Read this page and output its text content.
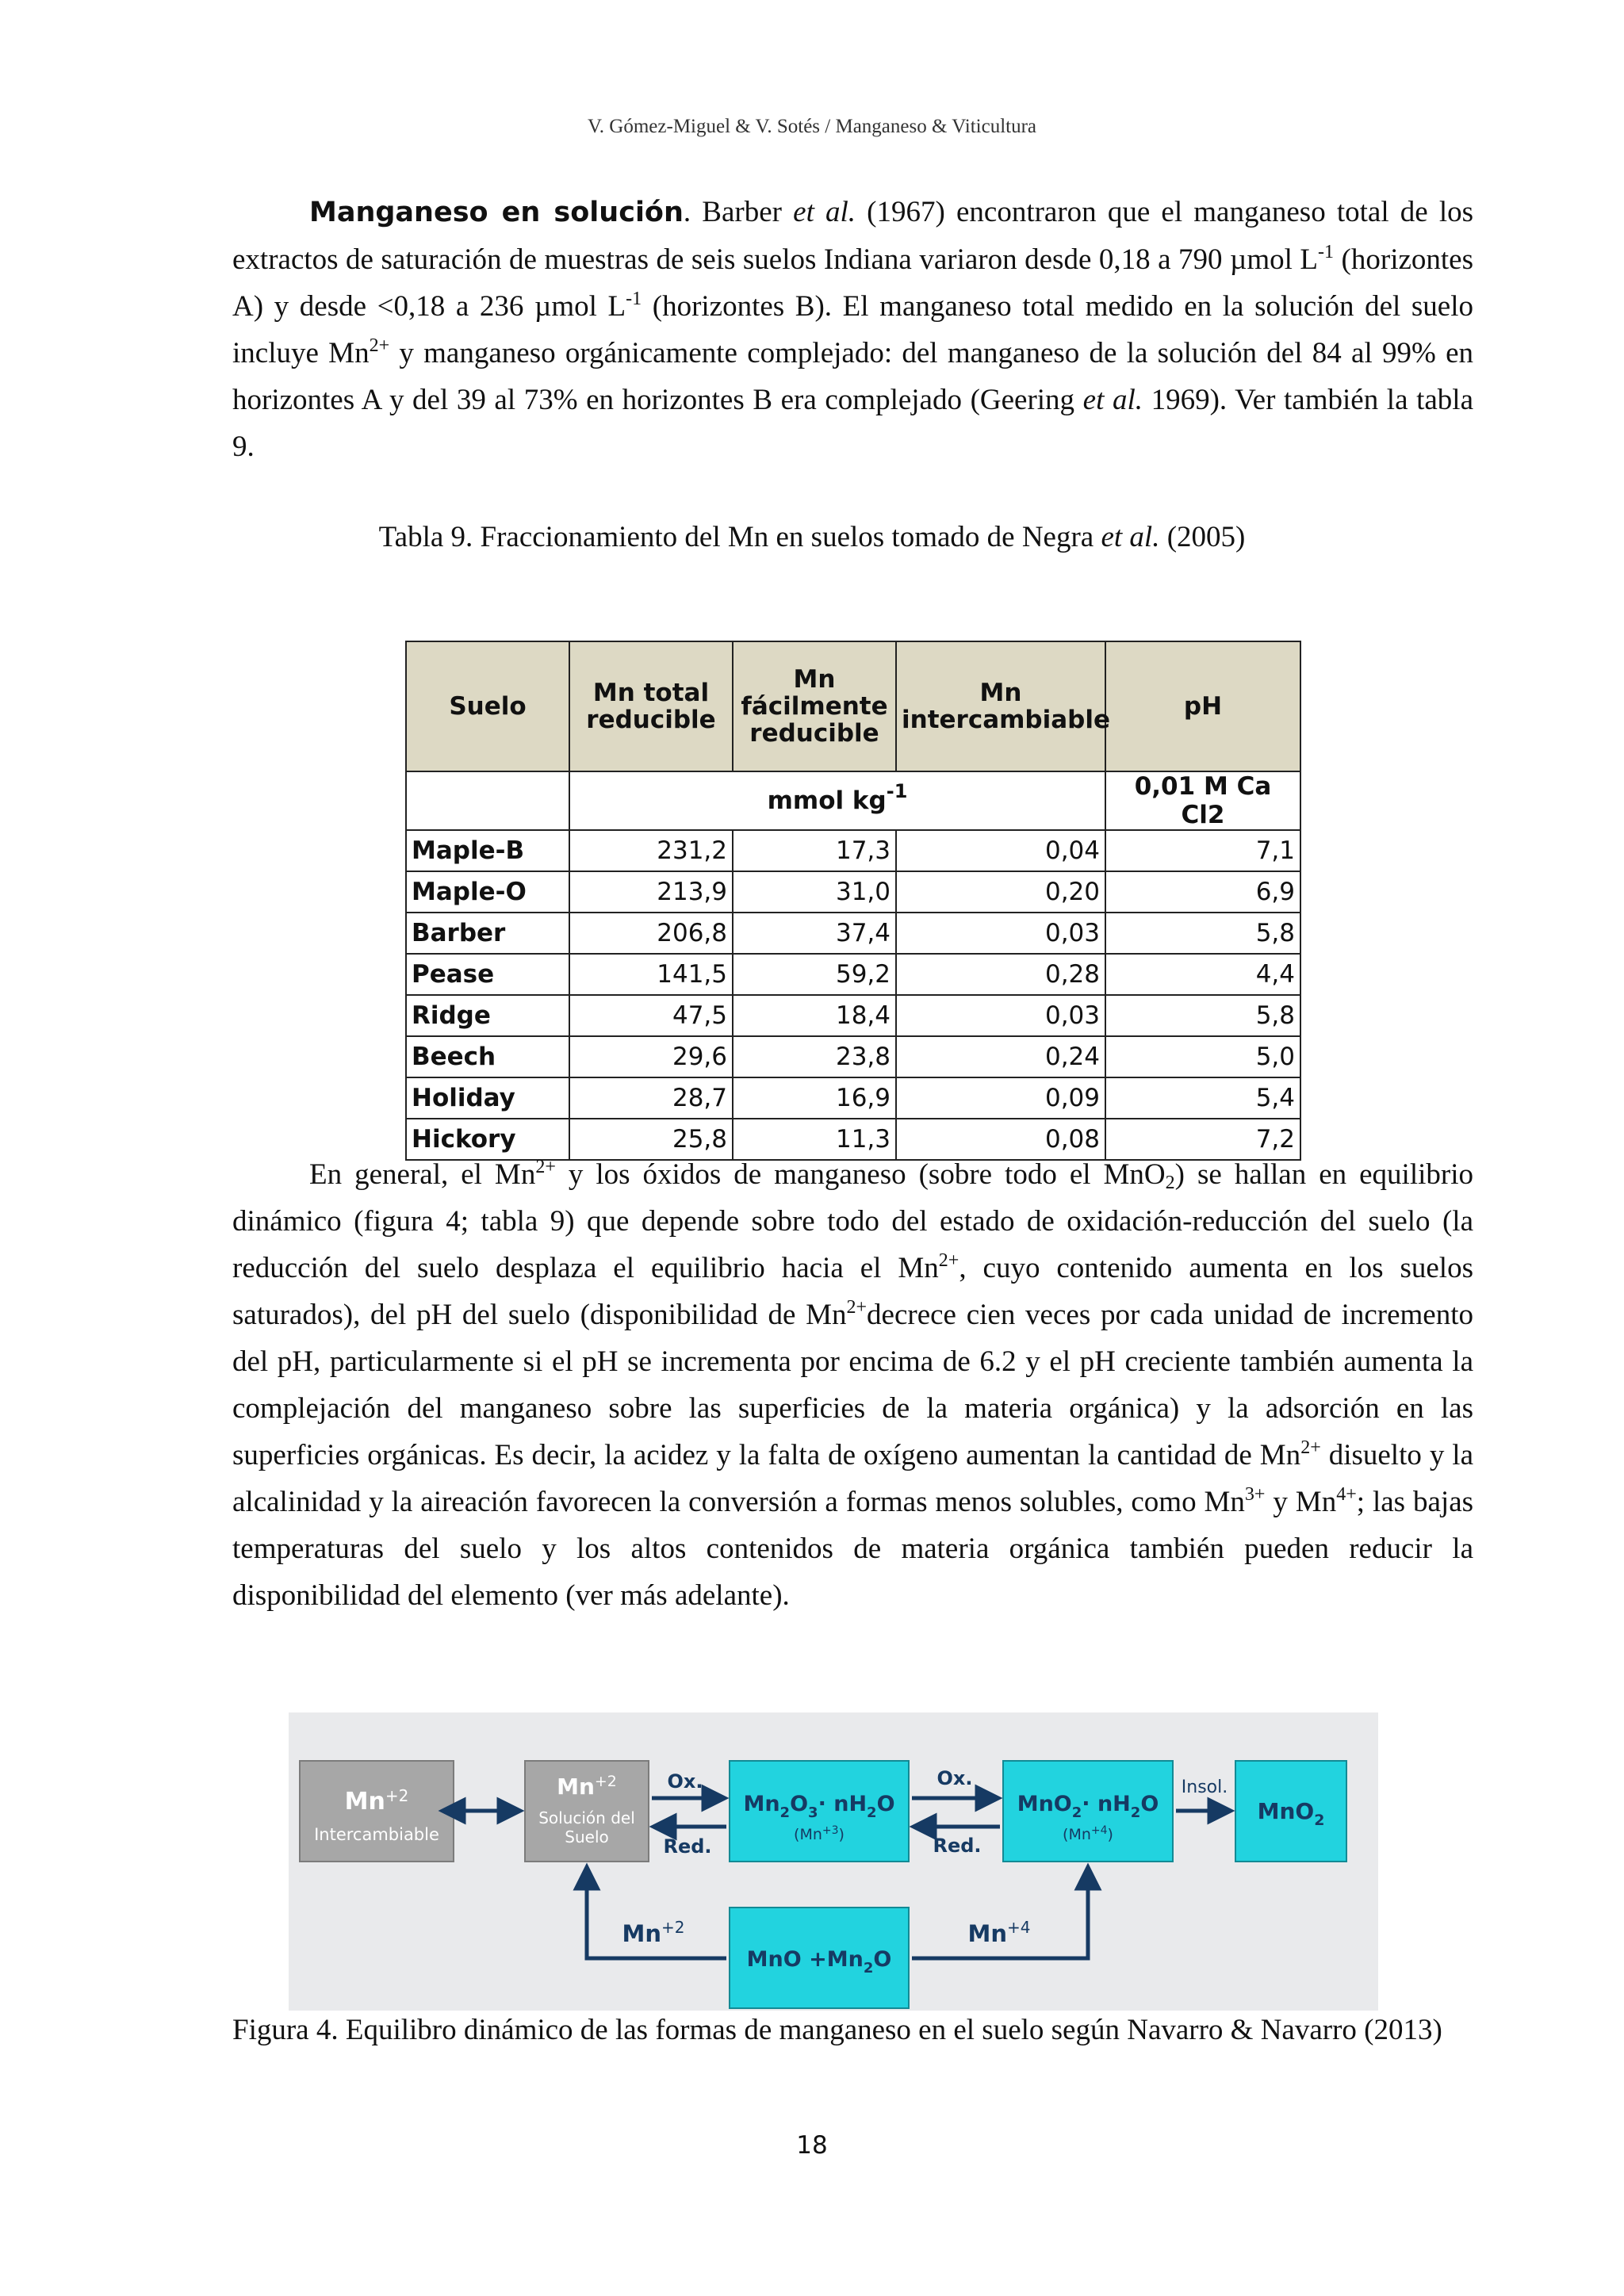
V. Gómez-Miguel & V. Sotés / Manganeso & Viticultura

Manganeso en solución. Barber et al. (1967) encontraron que el manganeso total de los extractos de saturación de muestras de seis suelos Indiana variaron desde 0,18 a 790 µmol $L^{-1}$ (horizontes A) y desde <0,18 a 236 µmol $L^{-1}$ (horizontes B). El manganeso total medido en la solución del suelo incluye $Mn^{2+}$ y manganeso orgánicamente complejado: del manganeso de la solución del 84 al 99% en horizontes A y del 39 al 73% en horizontes B era complejado (Geering et al. 1969). Ver también la tabla 9.

Tabla 9. Fraccionamiento del Mn en suelos tomado de Negra et al. (2005)

Suelo	Mn total reducible	Mn fácilmente reducible	Mn intercambiable	pH
	mmol $kg^{-1}$			0,01 M Ca Cl2
Maple-B	231,2	17,3	0,04	7,1
Maple-O	213,9	31,0	0,20	6,9
Barber	206,8	37,4	0,03	5,8
Pease	141,5	59,2	0,28	4,4
Ridge	47,5	18,4	0,03	5,8
Beech	29,6	23,8	0,24	5,0
Holiday	28,7	16,9	0,09	5,4
Hickory	25,8	11,3	0,08	7,2

En general, el $Mn^{2+}$ y los óxidos de manganeso (sobre todo el MnO$_2$) se hallan en equilibrio dinámico (figura 4; tabla 9) que depende sobre todo del estado de oxidación-reducción del suelo (la reducción del suelo desplaza el equilibrio hacia el $Mn^{2+}$, cuyo contenido aumenta en los suelos saturados), del pH del suelo (disponibilidad de $Mn^{2+}decrece$ cien veces por cada unidad de incremento del pH, particularmente si el pH se incrementa por encima de 6.2 y el pH creciente también aumenta la complejación del manganeso sobre las superficies de la materia orgánica) y la adsorción en las superficies orgánicas. Es decir, la acidez y la falta de oxígeno aumentan la cantidad de $Mn^{2+}$ disuelto y la alcalinidad y la aireación favorecen la conversión a formas menos solubles, como $Mn^{3+}$ y $Mn^{4+}$; las bajas temperaturas del suelo y los altos contenidos de materia orgánica también pueden reducir la disponibilidad del elemento (ver más adelante).

$Mn^{+2}$
Intercambiable
$Mn^{+2}$
Solución del
Suelo
$Mn_2O_3\cdot nH_2O$
$(Mn^{+3})$
$MnO_2\cdot nH_2O$
$(Mn^{+4})$
MnO$_2$
MnO $+Mn_2O$
Ox.
Red.
Ox.
Red.
Insol.
$Mn^{+2}$	$Mn^{+4}$

Figura 4. Equilibro dinámico de las formas de manganeso en el suelo según Navarro & Navarro (2013)

18
